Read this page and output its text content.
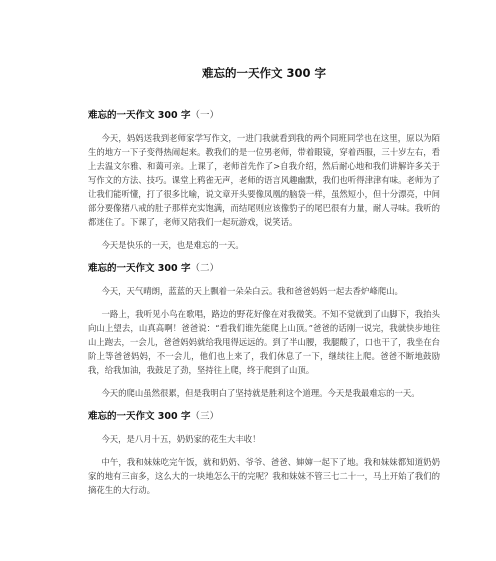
难忘的一天作文 300 字
难忘的一天作文 300 字（一）

今天，妈妈送我到老师家学写作文，一进门我就看到我的两个同班同学也在这里，原以为陌生的地方一下子变得热闹起来。教我们的是一位男老师，带着眼镜，穿着西服，三十岁左右，看上去温文尔雅、和蔼可亲。上课了，老师首先作了>自我介绍，然后耐心地和我们讲解许多关于写作文的方法、技巧。课堂上鸦雀无声，老师的语言风趣幽默，我们也听得津津有味。老师为了让我们能听懂，打了很多比喻，说文章开头要像凤凰的脑袋一样，虽然短小，但十分漂亮，中间部分要像猪八戒的肚子那样充实饱满，而结尾则应该像豹子的尾巴很有力量，耐人寻味。我听的都迷住了。下课了，老师又陪我们一起玩游戏，说笑话。

今天是快乐的一天，也是难忘的一天。

难忘的一天作文 300 字（二）

今天，天气晴朗，蓝蓝的天上飘着一朵朵白云。我和爸爸妈妈一起去香炉峰爬山。

一路上，我听见小鸟在歌唱，路边的野花好像在对我微笑。不知不觉就到了山脚下，我抬头向山上望去，山真高啊！爸爸说：“看我们谁先能爬上山顶。”爸爸的话刚一说完，我就快步地往山上跑去，一会儿，爸爸妈妈就给我甩得远远的。到了半山腰，我腿酸了，口也干了，我坐在台阶上等爸爸妈妈，不一会儿，他们也上来了，我们休息了一下，继续往上爬。爸爸不断地鼓励我，给我加油，我鼓足了劲，坚持往上爬，终于爬到了山顶。

今天的爬山虽然很累，但是我明白了坚持就是胜利这个道理。今天是我最难忘的一天。

难忘的一天作文 300 字（三）

今天，是八月十五，奶奶家的花生大丰收！

中午，我和妹妹吃完午饭，就和奶奶、爷爷、爸爸、婶婶一起下了地。我和妹妹都知道奶奶家的地有三亩多，这么大的一块地怎么干的完呢？我和妹妹不管三七二十一，马上开始了我们的摘花生的大行动。
